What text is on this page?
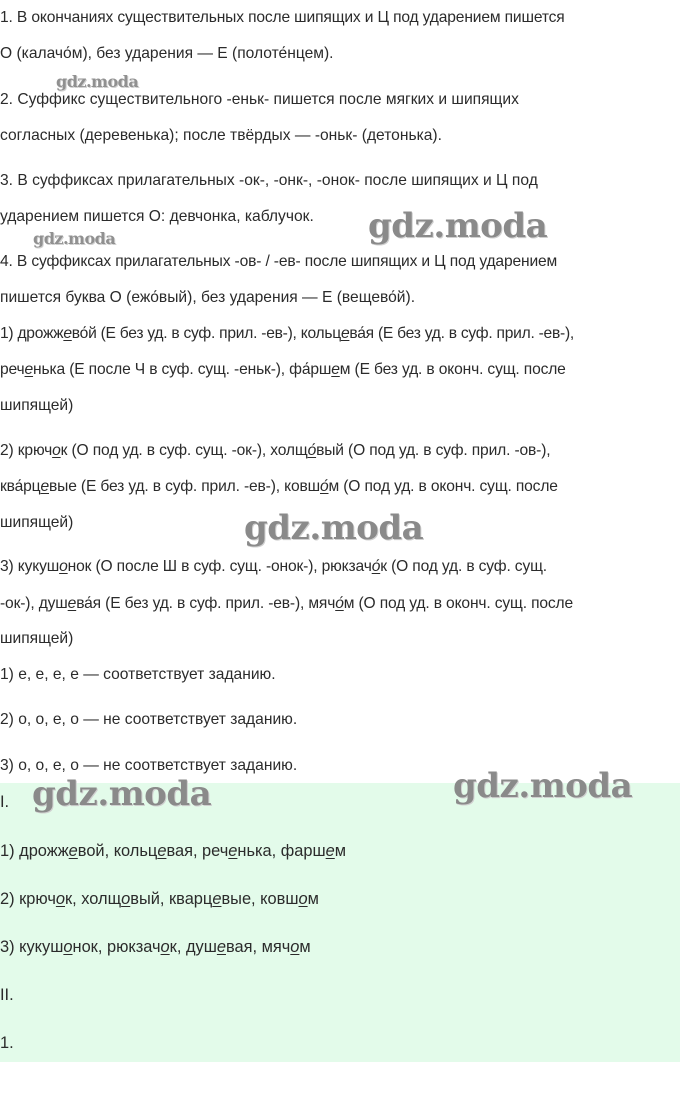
1. В окончаниях существительных после шипящих и Ц под ударением пишется
О (калачо́м), без ударения — Е (полоте́нцем).
2. Суффикс существительного -еньк- пишется после мягких и шипящих
согласных (деревенька); после твёрдых — -оньк- (детонька).
3. В суффиксах прилагательных -ок-, -онк-, -онок- после шипящих и Ц под
ударением пишется О: девчонка, каблучок.
4. В суффиксах прилагательных -ов- / -ев- после шипящих и Ц под ударением
пишется буква О (ежо́вый), без ударения — Е (вещево́й).
1) дрожжево́й (Е без уд. в суф. прил. -ев-), кольцева́я (Е без уд. в суф. прил. -ев-),
реченька (Е после Ч в суф. сущ. -еньк-), фа́ршем (Е без уд. в оконч. сущ. после
шипящей)
2) крючок (О под уд. в суф. сущ. -ок-), холщо́вый (О под уд. в суф. прил. -ов-),
ква́рцевые (Е без уд. в суф. прил. -ев-), ковшо́м (О под уд. в оконч. сущ. после
шипящей)
3) кукушонок (О после Ш в суф. сущ. -онок-), рюкзачо́к (О под уд. в суф. сущ.
-ок-), душева́я (Е без уд. в суф. прил. -ев-), мячо́м (О под уд. в оконч. сущ. после
шипящей)
1) е, е, е, е — соответствует заданию.
2) о, о, е, о — не соответствует заданию.
3) о, о, е, о — не соответствует заданию.
I.
1) дрожжевой, кольцевая, реченька, фаршем
2) крючок, холщовый, кварцевые, ковшом
3) кукушонок, рюкзачок, душевая, мячом
II.
1.
gdz.moda
gdz.moda
gdz.moda
gdz.moda
gdz.moda	gdz.moda
